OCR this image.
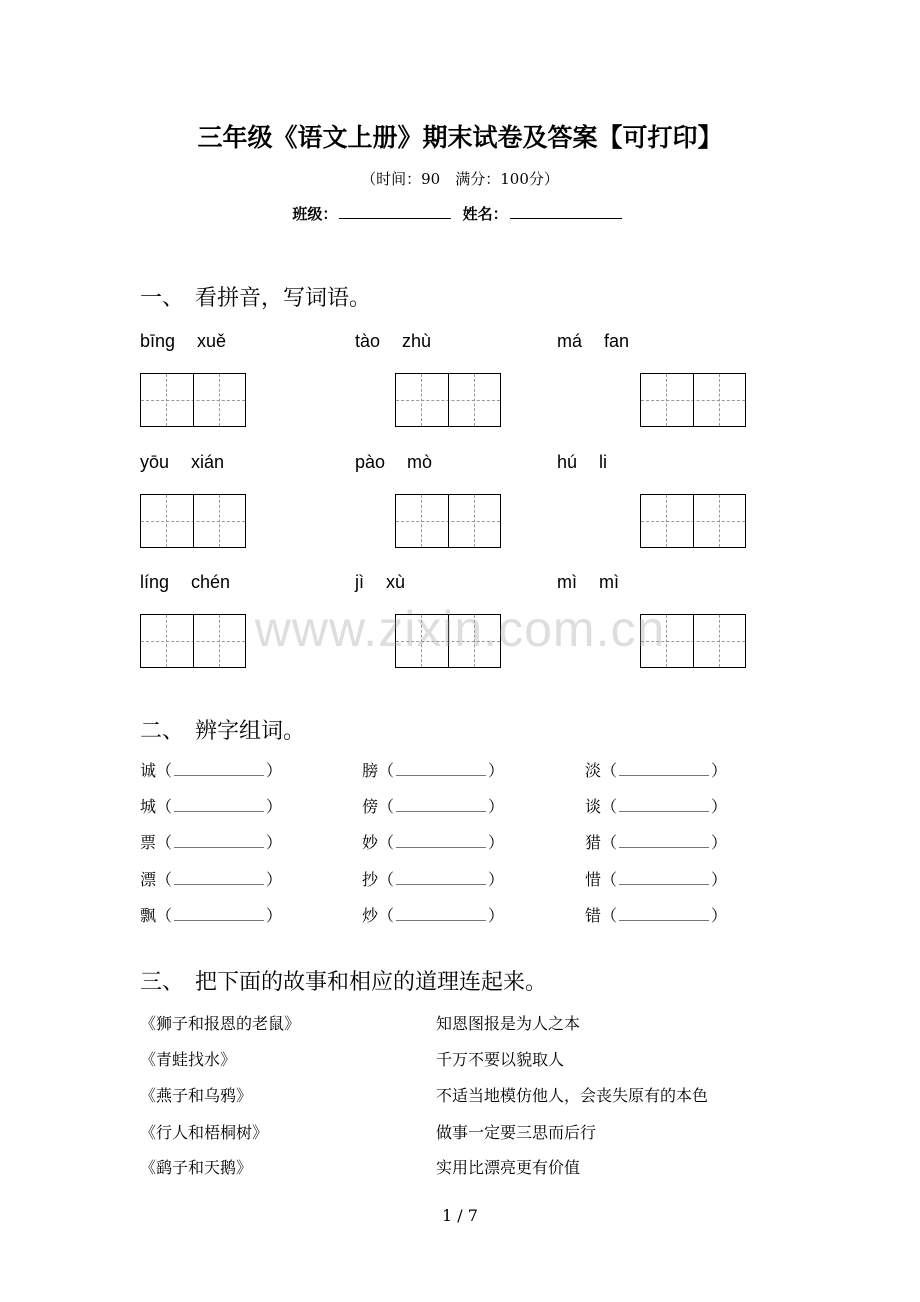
三年级《语文上册》期末试卷及答案【可打印】
（时间：90　满分：100分）
班级：	姓名：
一、　看拼音，写词语。
bīng xuě	tào zhù	má fan
yōu xián	pào mò	hú li
líng chén	jì xù	mì mì
二、　辨字组词。
诚（	）	膀（	）	淡（	）
城（	）	傍（	）	谈（	）
票（	）	妙（	）	猎（	）
漂（	）	抄（	）	惜（	）
飘（	）	炒（	）	错（	）
三、　把下面的故事和相应的道理连起来。
《狮子和报恩的老鼠》	知恩图报是为人之本
《青蛙找水》	千万不要以貌取人
《燕子和乌鸦》	不适当地模仿他人，会丧失原有的本色
《行人和梧桐树》	做事一定要三思而后行
《鹞子和天鹅》	实用比漂亮更有价值
www.zixin.com.cn
1 / 7
